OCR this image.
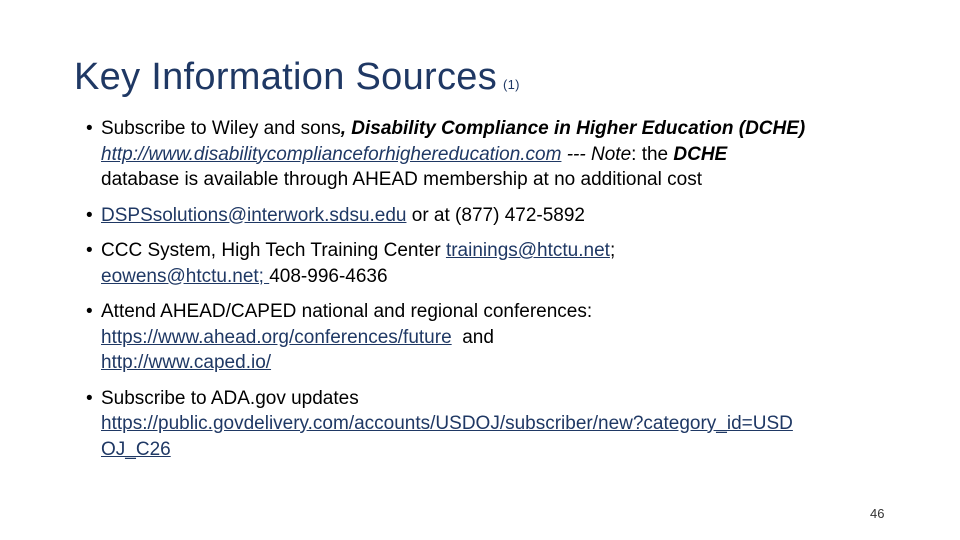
Key Information Sources (1)
• Subscribe to Wiley and sons, Disability Compliance in Higher Education (DCHE)
http://www.disabilitycomplianceforhighereducation.com --- Note: the DCHE database is available through AHEAD membership at no additional cost
• DSPSsolutions@interwork.sdsu.edu or at (877) 472-5892
• CCC System, High Tech Training Center trainings@htctu.net;
eowens@htctu.net; 408-996-4636
• Attend AHEAD/CAPED national and regional conferences:
https://www.ahead.org/conferences/future  and
http://www.caped.io/
• Subscribe to ADA.gov updates
https://public.govdelivery.com/accounts/USDOJ/subscriber/new?category_id=USDOJ_C26
46
